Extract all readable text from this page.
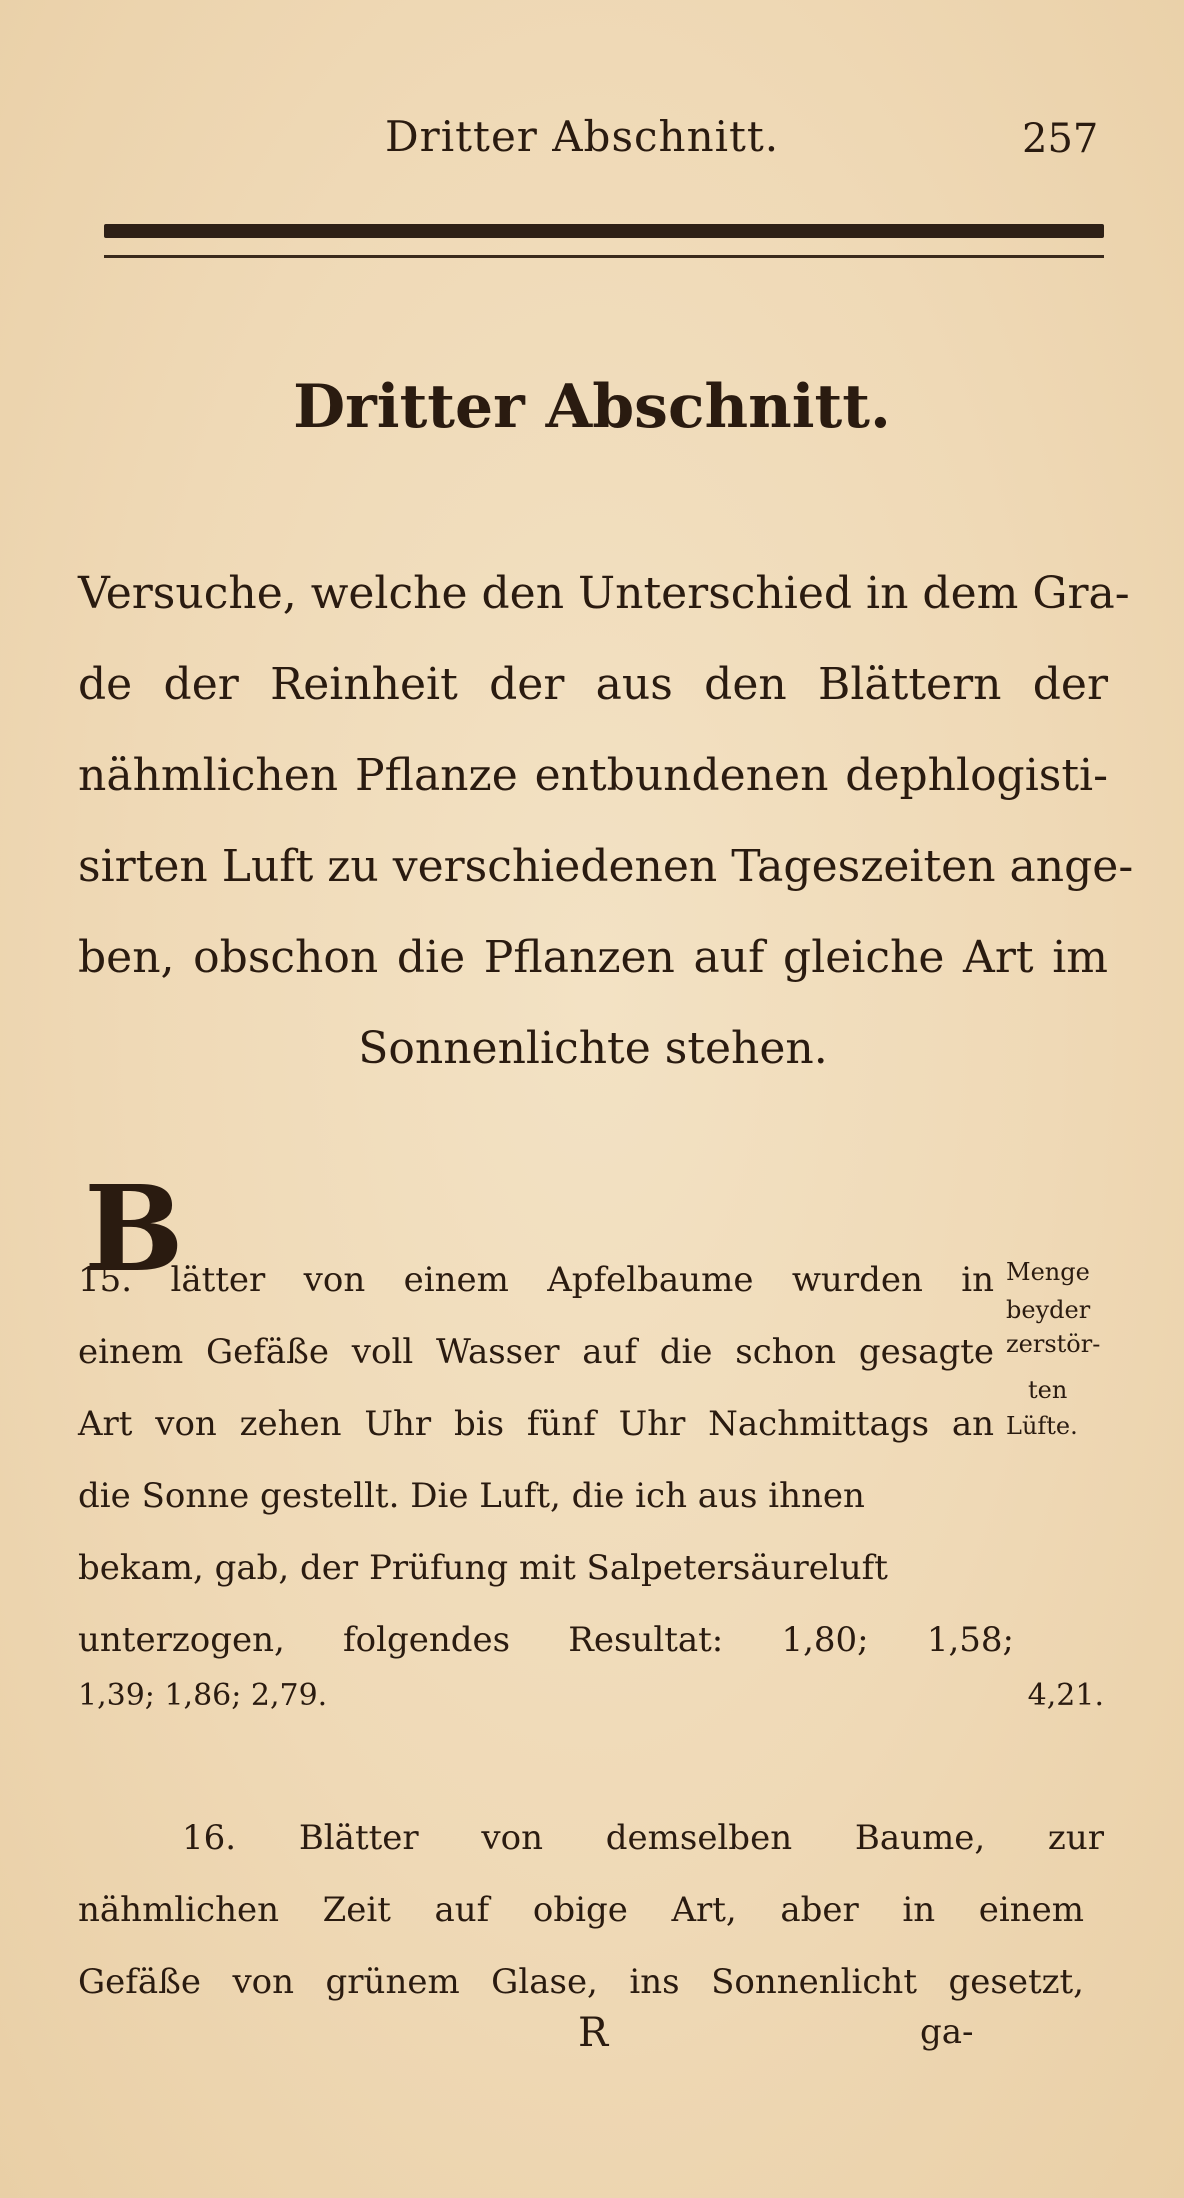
Dritter Abschnitt.	257
Dritter Abschnitt.
Versuche, welche den Unterschied in dem Gra-
de der Reinheit der aus den Blättern der
nähmlichen Pflanze entbundenen dephlogisti-
sirten Luft zu verschiedenen Tageszeiten ange-
ben, obschon die Pflanzen auf gleiche Art im
Sonnenlichte stehen.
B
15. lätter von einem Apfelbaume wurden in
einem Gefäße voll Wasser auf die schon gesagte
Art von zehen Uhr bis fünf Uhr Nachmittags an
die Sonne gestellt. Die Luft, die ich aus ihnen
bekam, gab, der Prüfung mit Salpetersäureluft
unterzogen, folgendes Resultat: 1,80; 1,58;
Menge
beyder
zerstör-
ten
Lüfte.
1,39; 1,86; 2,79.	4,21.
16. Blätter von demselben Baume, zur
nähmlichen Zeit auf obige Art, aber in einem
Gefäße von grünem Glase, ins Sonnenlicht gesetzt,
R	ga-
